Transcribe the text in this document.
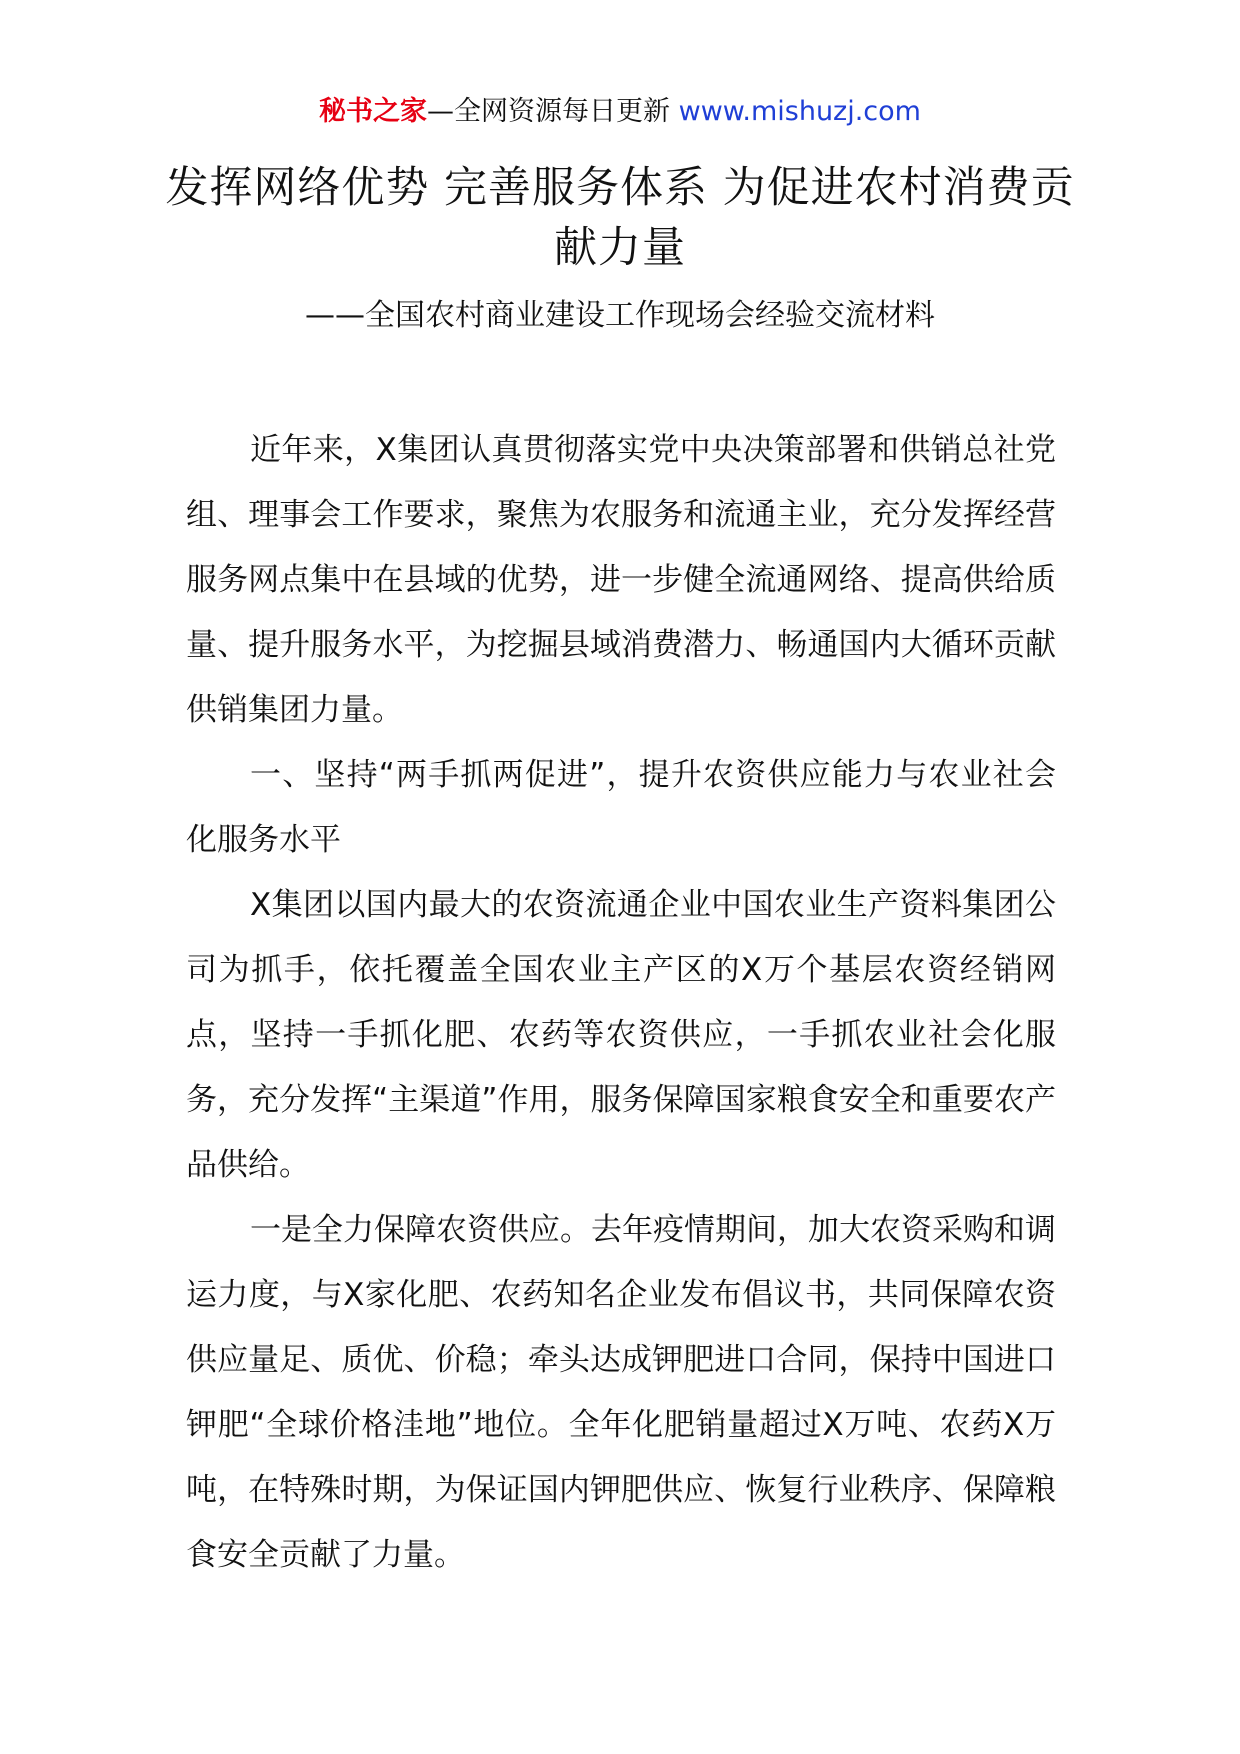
秘书之家—全网资源每日更新 www.mishuzj.com
发挥网络优势 完善服务体系 为促进农村消费贡献力量
——全国农村商业建设工作现场会经验交流材料

近年来，X集团认真贯彻落实党中央决策部署和供销总社党组、理事会工作要求，聚焦为农服务和流通主业，充分发挥经营服务网点集中在县域的优势，进一步健全流通网络、提高供给质量、提升服务水平，为挖掘县域消费潜力、畅通国内大循环贡献供销集团力量。

一、坚持“两手抓两促进”，提升农资供应能力与农业社会化服务水平

X集团以国内最大的农资流通企业中国农业生产资料集团公司为抓手，依托覆盖全国农业主产区的X万个基层农资经销网点，坚持一手抓化肥、农药等农资供应，一手抓农业社会化服务，充分发挥“主渠道”作用，服务保障国家粮食安全和重要农产品供给。

一是全力保障农资供应。去年疫情期间，加大农资采购和调运力度，与X家化肥、农药知名企业发布倡议书，共同保障农资供应量足、质优、价稳；牵头达成钾肥进口合同，保持中国进口钾肥“全球价格洼地”地位。全年化肥销量超过X万吨、农药X万吨，在特殊时期，为保证国内钾肥供应、恢复行业秩序、保障粮食安全贡献了力量。
